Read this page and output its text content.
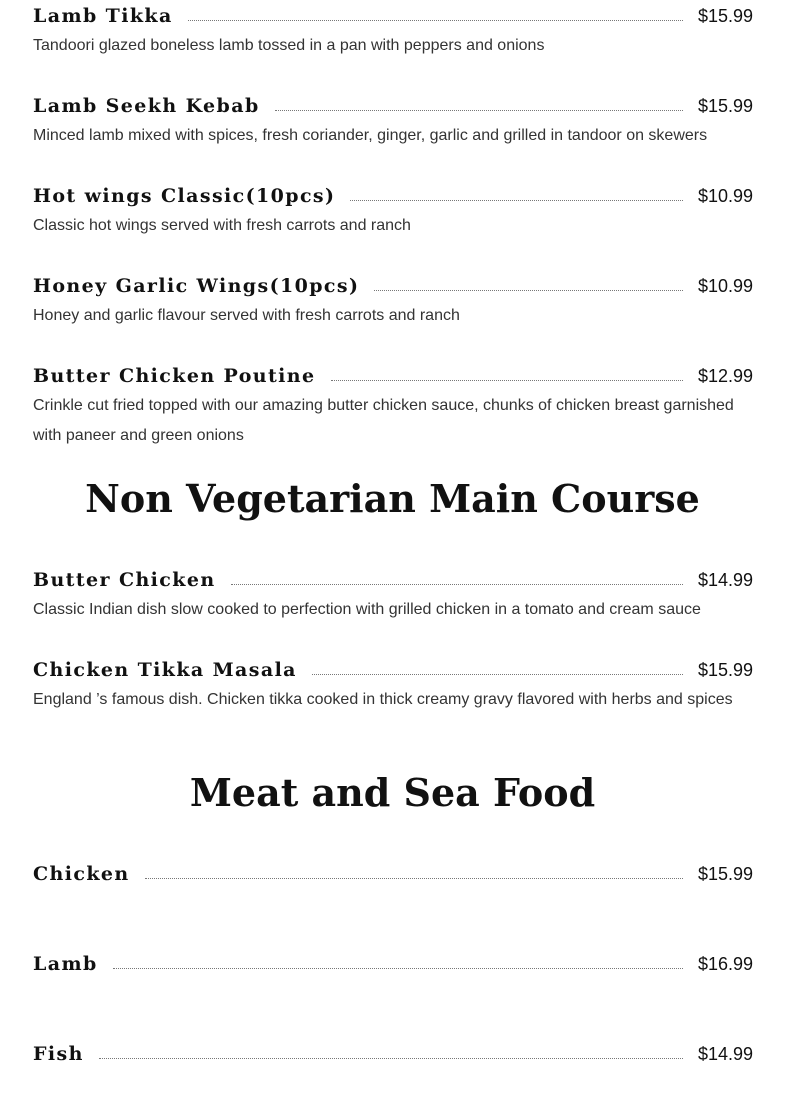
Lamb Tikka	$15.99

Tandoori glazed boneless lamb tossed in a pan with peppers and onions

Lamb Seekh Kebab	$15.99

Minced lamb mixed with spices, fresh coriander, ginger, garlic and grilled in tandoor on skewers

Hot wings Classic(10pcs)	$10.99

Classic hot wings served with fresh carrots and ranch

Honey Garlic Wings(10pcs)	$10.99

Honey and garlic flavour served with fresh carrots and ranch

Butter Chicken Poutine	$12.99

Crinkle cut fried topped with our amazing butter chicken sauce, chunks of chicken breast garnished with paneer and green onions

Non Vegetarian Main Course
Butter Chicken	$14.99

Classic Indian dish slow cooked to perfection with grilled chicken in a tomato and cream sauce

Chicken Tikka Masala	$15.99

England ’s famous dish. Chicken tikka cooked in thick creamy gravy flavored with herbs and spices

Meat and Sea Food
Chicken	$15.99
Lamb	$16.99
Fish	$14.99
